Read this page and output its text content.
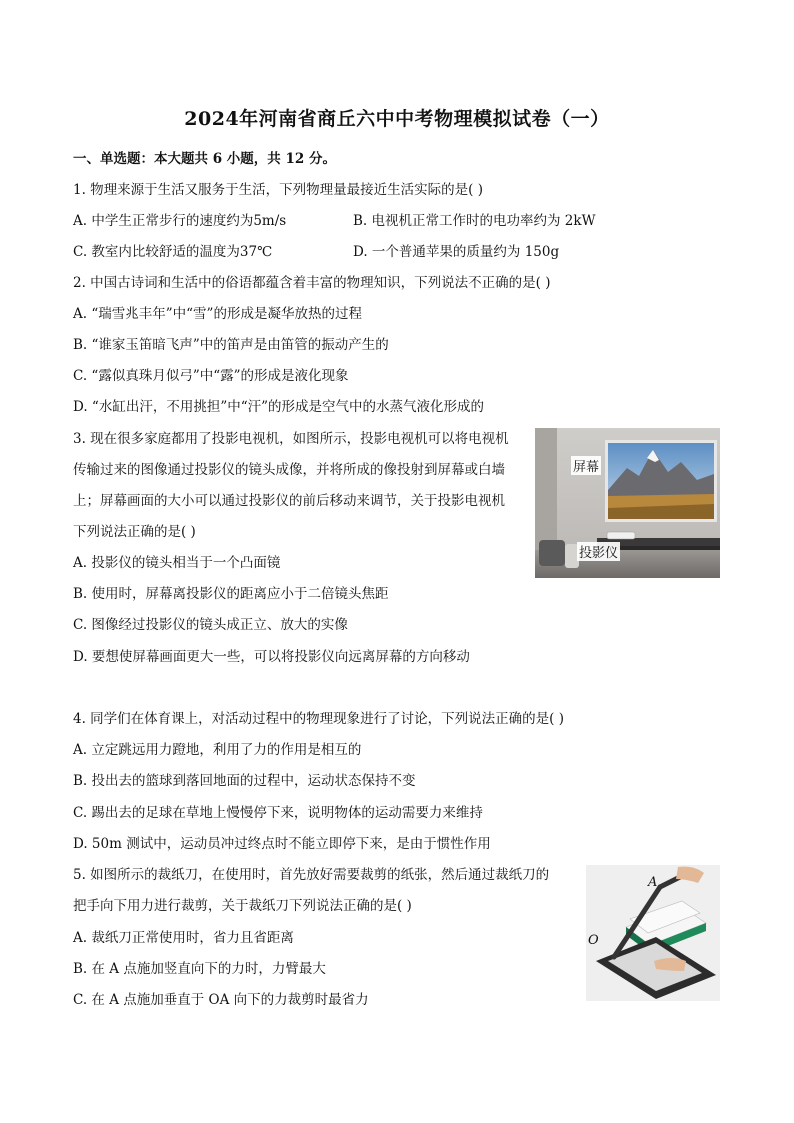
2024年河南省商丘六中中考物理模拟试卷（一）
一、单选题：本大题共 6 小题，共 12 分。
1. 物理来源于生活又服务于生活，下列物理量最接近生活实际的是( )
A. 中学生正常步行的速度约为5m/s	B. 电视机正常工作时的电功率约为 2kW
C. 教室内比较舒适的温度为37℃	D. 一个普通苹果的质量约为 150g
2. 中国古诗词和生活中的俗语都蕴含着丰富的物理知识，下列说法不正确的是( )
A. “瑞雪兆丰年”中“雪”的形成是凝华放热的过程
B. “谁家玉笛暗飞声”中的笛声是由笛管的振动产生的
C. “露似真珠月似弓”中“露”的形成是液化现象
D. “水缸出汗，不用挑担”中“汗”的形成是空气中的水蒸气液化形成的
3. 现在很多家庭都用了投影电视机，如图所示，投影电视机可以将电视机
传输过来的图像通过投影仪的镜头成像，并将所成的像投射到屏幕或白墙
上；屏幕画面的大小可以通过投影仪的前后移动来调节，关于投影电视机
下列说法正确的是( )
A. 投影仪的镜头相当于一个凸面镜
B. 使用时，屏幕离投影仪的距离应小于二倍镜头焦距
C. 图像经过投影仪的镜头成正立、放大的实像
D. 要想使屏幕画面更大一些，可以将投影仪向远离屏幕的方向移动
屏幕
投影仪
4. 同学们在体育课上，对活动过程中的物理现象进行了讨论，下列说法正确的是( )
A. 立定跳远用力蹬地，利用了力的作用是相互的
B. 投出去的篮球到落回地面的过程中，运动状态保持不变
C. 踢出去的足球在草地上慢慢停下来，说明物体的运动需要力来维持
D. 50m 测试中，运动员冲过终点时不能立即停下来，是由于惯性作用
5. 如图所示的裁纸刀，在使用时，首先放好需要裁剪的纸张，然后通过裁纸刀的
把手向下用力进行裁剪，关于裁纸刀下列说法正确的是( )
A. 裁纸刀正常使用时，省力且省距离
B. 在 A 点施加竖直向下的力时，力臂最大
C. 在 A 点施加垂直于 OA 向下的力裁剪时最省力
A
O
